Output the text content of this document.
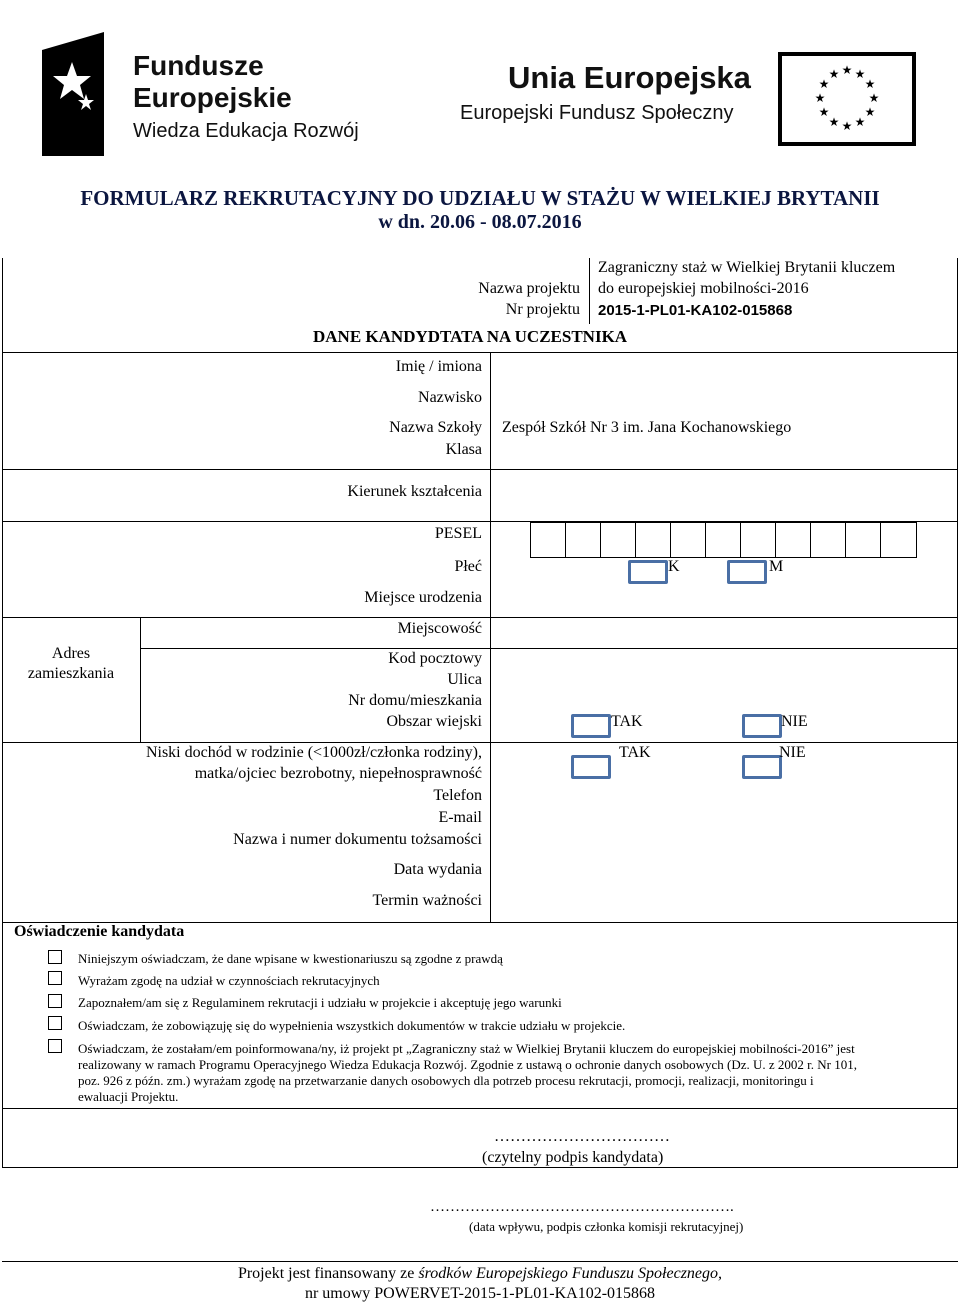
Fundusze
Europejskie
Wiedza Edukacja Rozwój
Unia Europejska
Europejski Fundusz Społeczny
★ ★
★
★
★
★
★
★
★
★
★
★
FORMULARZ REKRUTACYJNY DO UDZIAŁU W STAŻU W WIELKIEJ BRYTANII
w dn. 20.06 - 08.07.2016
Nazwa projektu
Zagraniczny staż w Wielkiej Brytanii kluczem
do europejskiej mobilności-2016
Nr projektu 2015-1-PL01-KA102-015868
DANE KANDYDTATA NA UCZESTNIKA
Imię / imiona
Nazwisko
Nazwa Szkoły Zespół Szkół Nr 3 im. Jana Kochanowskiego
Klasa
Kierunek kształcenia
PESEL
Płeć	K	M
Miejsce urodzenia
Adres
zamieszkania
Miejscowość
Kod pocztowy
Ulica
Nr domu/mieszkania
Obszar wiejski	TAK	NIE
Niski dochód w rodzinie (<1000zł/członka rodziny),
matka/ojciec bezrobotny, niepełnosprawność
TAK	NIE
Telefon
E-mail
Nazwa i numer dokumentu tożsamości
Data wydania
Termin ważności
Oświadczenie kandydata
Niniejszym oświadczam, że dane wpisane w kwestionariuszu są zgodne z prawdą
Wyrażam zgodę na udział w czynnościach rekrutacyjnych
Zapoznałem/am się z Regulaminem rekrutacji i udziału w projekcie i akceptuję jego warunki
Oświadczam, że zobowiązuję się do wypełnienia wszystkich dokumentów w trakcie udziału w projekcie.
Oświadczam, że zostałam/em poinformowana/ny, iż projekt pt „Zagraniczny staż w Wielkiej Brytanii kluczem do europejskiej mobilności-2016” jest
realizowany w ramach Programu Operacyjnego Wiedza Edukacja Rozwój. Zgodnie z ustawą o ochronie danych osobowych (Dz. U. z 2002 r. Nr 101,
poz. 926 z późn. zm.) wyrażam zgodę na przetwarzanie danych osobowych dla potrzeb procesu rekrutacji, promocji, realizacji, monitoringu i
ewaluacji Projektu.
……………………………
(czytelny podpis kandydata)
…………………………………………………….
(data wpływu, podpis członka komisji rekrutacyjnej)
Projekt jest finansowany ze środków Europejskiego Funduszu Społecznego,
nr umowy POWERVET-2015-1-PL01-KA102-015868
